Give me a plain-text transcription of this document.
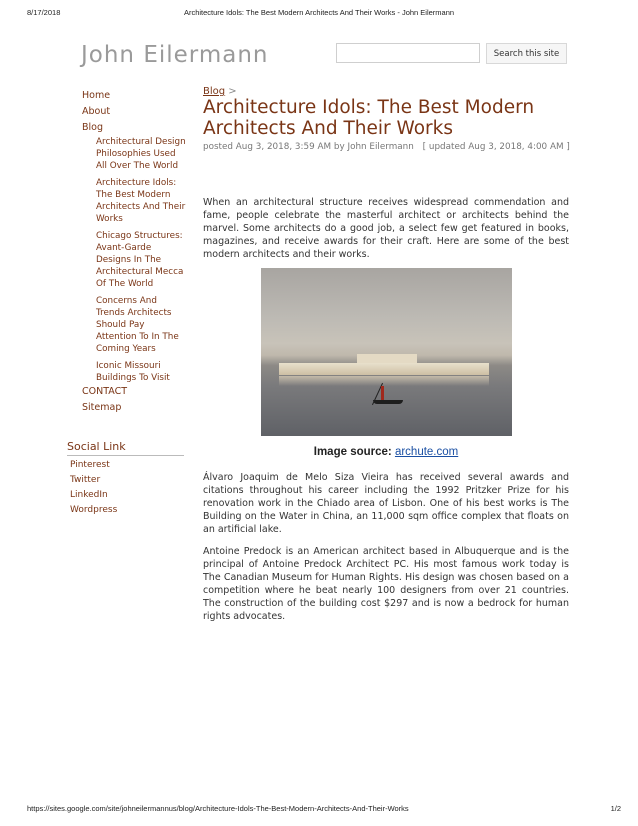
8/17/2018	Architecture Idols: The Best Modern Architects And Their Works - John Eilermann
John Eilermann	Search this site
Home
About
Blog
Architectural Design Philosophies Used All Over The World
Architecture Idols: The Best Modern Architects And Their Works
Chicago Structures: Avant-Garde Designs In The Architectural Mecca Of The World
Concerns And Trends Architects Should Pay Attention To In The Coming Years
Iconic Missouri Buildings To Visit
CONTACT
Sitemap
Social Link
Pinterest
Twitter
LinkedIn
Wordpress
Blog >
Architecture Idols: The Best Modern Architects And Their Works
posted Aug 3, 2018, 3:59 AM by John Eilermann [ updated Aug 3, 2018, 4:00 AM ]

When an architectural structure receives widespread commendation and fame, people celebrate the masterful architect or architects behind the marvel. Some architects do a good job, a select few get featured in books, magazines, and receive awards for their craft. Here are some of the best modern architects and their works.

Image source: archute.com

Álvaro Joaquim de Melo Siza Vieira has received several awards and citations throughout his career including the 1992 Pritzker Prize for his renovation work in the Chiado area of Lisbon. One of his best works is The Building on the Water in China, an 11,000 sqm office complex that floats on an artificial lake.

Antoine Predock is an American architect based in Albuquerque and is the principal of Antoine Predock Architect PC. His most famous work today is The Canadian Museum for Human Rights. His design was chosen based on a competition where he beat nearly 100 designers from over 21 countries. The construction of the building cost $297 and is now a bedrock for human rights advocates.

https://sites.google.com/site/johneilermannus/blog/Architecture-Idols-The-Best-Modern-Architects-And-Their-Works	1/2
